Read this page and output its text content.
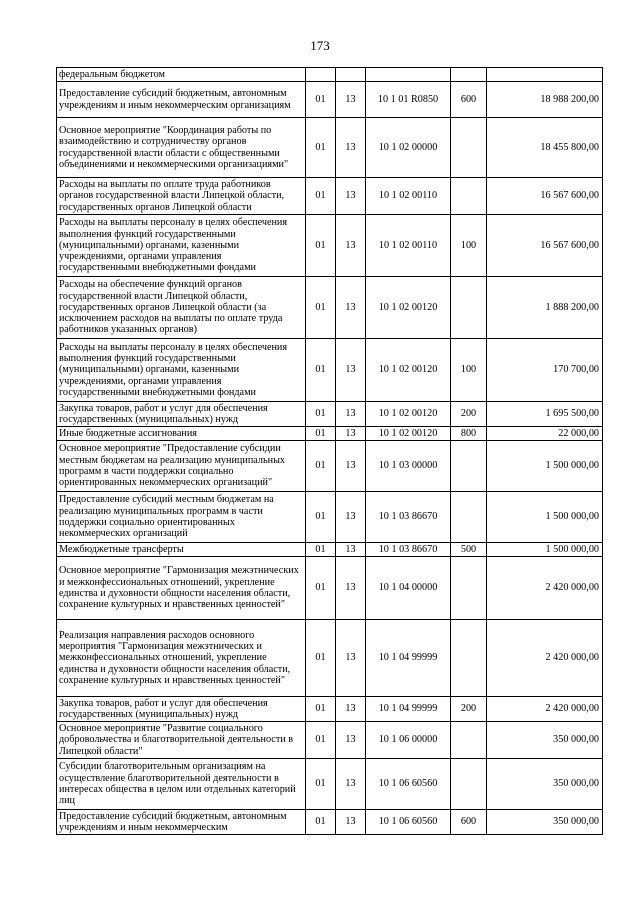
173
федеральным бюджетом					
Предоставление субсидий бюджетным, автономным учреждениям и иным некоммерческим организациям	01	13	10 1 01 R0850	600	18 988 200,00
Основное мероприятие "Координация работы по взаимодействию и сотрудничеству органов государственной власти области с общественными объединениями и некоммерческими организациями"	01	13	10 1 02 00000		18 455 800,00
Расходы на выплаты по оплате труда работников органов государственной власти Липецкой области, государственных органов Липецкой области	01	13	10 1 02 00110		16 567 600,00
Расходы на выплаты персоналу в целях обеспечения выполнения функций государственными (муниципальными) органами, казенными учреждениями, органами управления государственными внебюджетными фондами	01	13	10 1 02 00110	100	16 567 600,00
Расходы на обеспечение функций органов государственной власти Липецкой области, государственных органов Липецкой области (за исключением расходов на выплаты по оплате труда работников указанных органов)	01	13	10 1 02 00120		1 888 200,00
Расходы на выплаты персоналу в целях обеспечения выполнения функций государственными (муниципальными) органами, казенными учреждениями, органами управления государственными внебюджетными фондами	01	13	10 1 02 00120	100	170 700,00
Закупка товаров, работ и услуг для обеспечения государственных (муниципальных) нужд	01	13	10 1 02 00120	200	1 695 500,00
Иные бюджетные ассигнования	01	13	10 1 02 00120	800	22 000,00
Основное мероприятие "Предоставление субсидии местным бюджетам на реализацию муниципальных программ в части поддержки социально ориентированных некоммерческих организаций"	01	13	10 1 03 00000		1 500 000,00
Предоставление субсидий местным бюджетам на реализацию муниципальных программ в части поддержки социально ориентированных некоммерческих организаций	01	13	10 1 03 86670		1 500 000,00
Межбюджетные трансферты	01	13	10 1 03 86670	500	1 500 000,00
Основное мероприятие "Гармонизация межэтнических и межконфессиональных отношений, укрепление единства и духовности общности населения области, сохранение культурных и нравственных ценностей"	01	13	10 1 04 00000		2 420 000,00
Реализация направления расходов основного мероприятия "Гармонизация межэтнических и межконфессиональных отношений, укрепление единства и духовности общности населения области, сохранение культурных и нравственных ценностей"	01	13	10 1 04 99999		2 420 000,00
Закупка товаров, работ и услуг для обеспечения государственных (муниципальных) нужд	01	13	10 1 04 99999	200	2 420 000,00
Основное мероприятие "Развитие социального добровольчества и благотворительной деятельности в Липецкой области"	01	13	10 1 06 00000		350 000,00
Субсидии благотворительным организациям на осуществление благотворительной деятельности в интересах общества в целом или отдельных категорий лиц	01	13	10 1 06 60560		350 000,00
Предоставление субсидий бюджетным, автономным учреждениям и иным некоммерческим	01	13	10 1 06 60560	600	350 000,00
